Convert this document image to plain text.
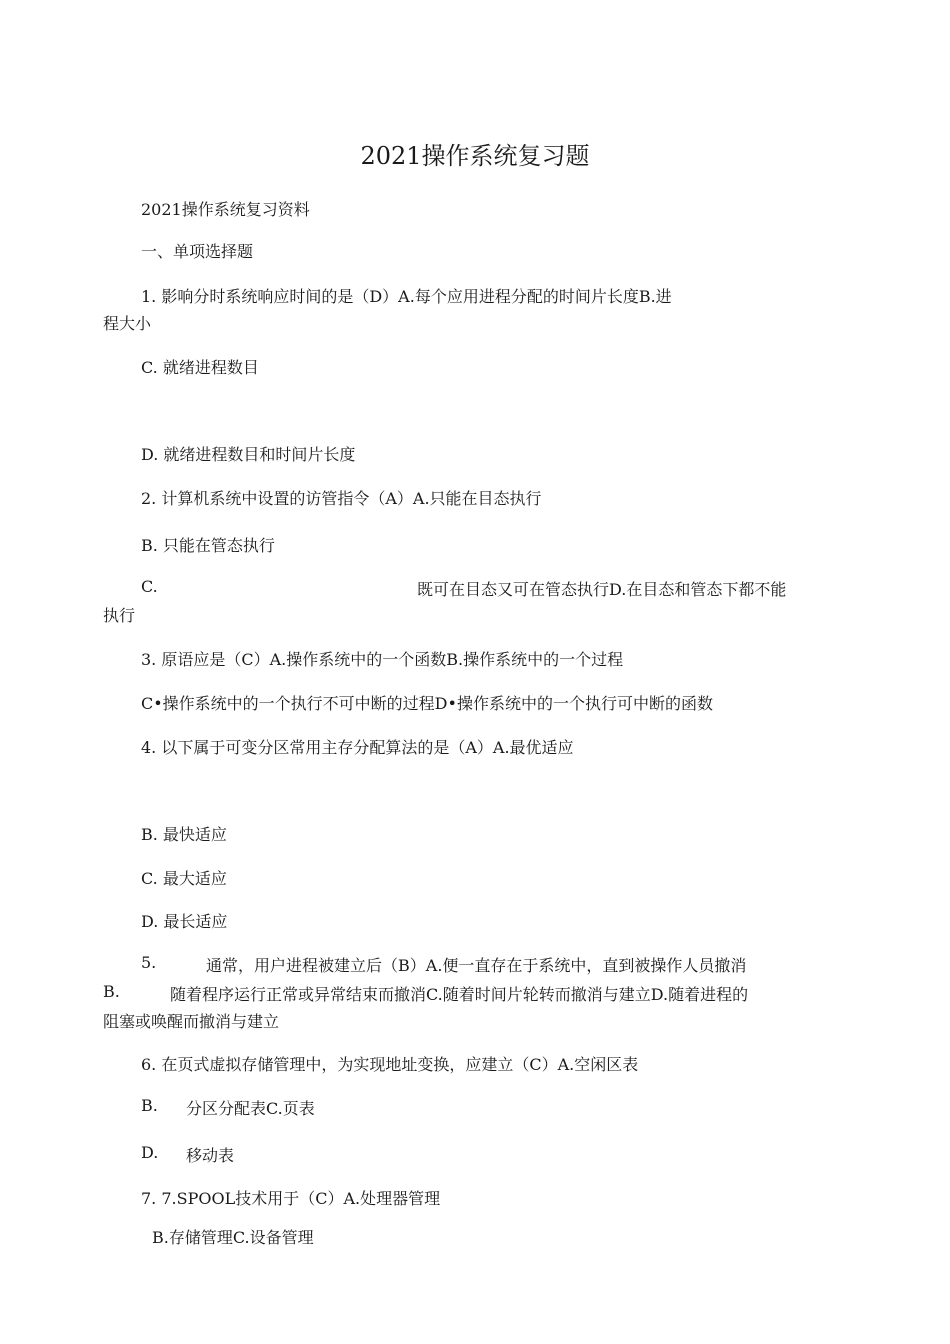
2021操作系统复习题

2021操作系统复习资料

一、单项选择题

1. 影响分时系统响应时间的是（D）A.每个应用进程分配的时间片长度B.进

程大小

C. 就绪进程数目

D. 就绪进程数目和时间片长度

2. 计算机系统中设置的访管指令（A）A.只能在目态执行

B. 只能在管态执行

C.	既可在目态又可在管态执行D.在目态和管态下都不能

执行

3. 原语应是（C）A.操作系统中的一个函数B.操作系统中的一个过程

C•操作系统中的一个执行不可中断的过程D•操作系统中的一个执行可中断的函数

4. 以下属于可变分区常用主存分配算法的是（A）A.最优适应

B. 最快适应

C. 最大适应

D. 最长适应

5.	通常，用户进程被建立后（B）A.便一直存在于系统中，直到被操作人员撤消

B.	随着程序运行正常或异常结束而撤消C.随着时间片轮转而撤消与建立D.随着进程的

阻塞或唤醒而撤消与建立

6. 在页式虚拟存储管理中，为实现地址变换，应建立（C）A.空闲区表

B. 分区分配表C.页表

D. 移动表

7. 7.SPOOL技术用于（C）A.处理器管理

B.存储管理C.设备管理
